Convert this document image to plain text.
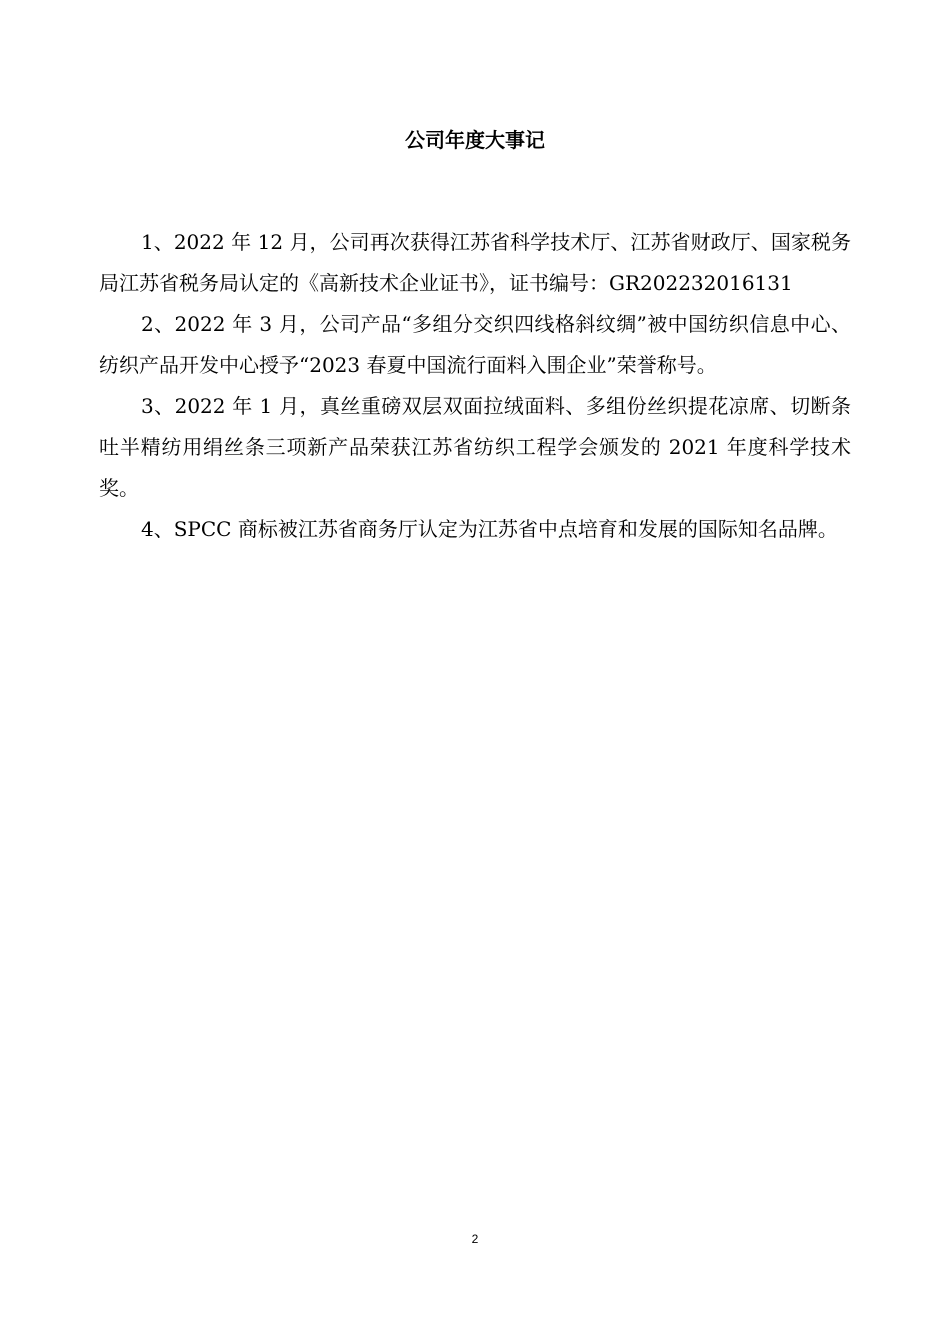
公司年度大事记

1、2022 年 12 月，公司再次获得江苏省科学技术厅、江苏省财政厅、国家税务局江苏省税务局认定的《高新技术企业证书》，证书编号：GR202232016131

2、2022 年 3 月，公司产品“多组分交织四线格斜纹绸”被中国纺织信息中心、纺织产品开发中心授予“2023 春夏中国流行面料入围企业”荣誉称号。

3、2022 年 1 月，真丝重磅双层双面拉绒面料、多组份丝织提花凉席、切断条吐半精纺用绢丝条三项新产品荣获江苏省纺织工程学会颁发的 2021 年度科学技术奖。

4、SPCC 商标被江苏省商务厅认定为江苏省中点培育和发展的国际知名品牌。

2
